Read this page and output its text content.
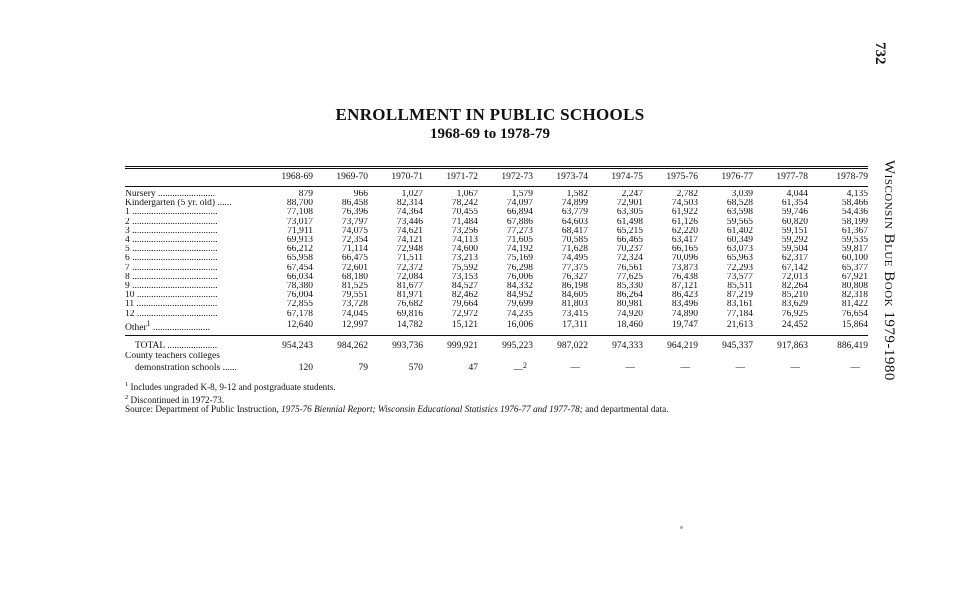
732
Wisconsin Blue Book 1979-1980
ENROLLMENT IN PUBLIC SCHOOLS
1968-69 to 1978-79
	1968-69	1969-70	1970-71	1971-72	1972-73	1973-74	1974-75	1975-76	1976-77	1977-78	1978-79

Nursery ........................	879	966	1,027	1,067	1,579	1,582	2,247	2,782	3,039	4,044	4,135
Kindergarten (5 yr. old) ......	88,700	86,458	82,314	78,242	74,097	74,899	72,901	74,503	68,528	61,354	58,466
1 ....................................	77,108	76,396	74,364	70,455	66,894	63,779	63,305	61,922	63,598	59,746	54,436
2 ....................................	73,017	73,797	73,446	71,484	67,886	64,603	61,498	61,126	59,565	60,820	58,199
3 ....................................	71,911	74,075	74,621	73,256	77,273	68,417	65,215	62,220	61,402	59,151	61,367
4 ....................................	69,913	72,354	74,121	74,113	71,605	70,585	66,465	63,417	60,349	59,292	59,535
5 ....................................	66,212	71,114	72,948	74,600	74,192	71,628	70,237	66,165	63,073	59,504	59,817
6 ....................................	65,958	66,475	71,511	73,213	75,169	74,495	72,324	70,096	65,963	62,317	60,100
7 ....................................	67,454	72,601	72,372	75,592	76,298	77,375	76,561	73,873	72,293	67,142	65,377
8 ....................................	66,034	68,180	72,084	73,153	76,006	76,327	77,625	76,438	73,577	72,013	67,921
9 ....................................	78,380	81,525	81,677	84,527	84,332	86,198	85,330	87,121	85,511	82,264	80,808
10 ..................................	76,004	79,551	81,971	82,462	84,952	84,605	86,264	86,423	87,219	85,210	82,318
11 ..................................	72,855	73,728	76,682	79,664	79,699	81,803	80,981	83,496	83,161	83,629	81,422
12 ..................................	67,178	74,045	69,816	72,972	74,235	73,415	74,920	74,890	77,184	76,925	76,654
Other$^1$ ........................	12,640	12,997	14,782	15,121	16,006	17,311	18,460	19,747	21,613	24,452	15,864

TOTAL .....................	954,243	984,262	993,736	999,921	995,223	987,022	974,333	964,219	945,337	917,863	886,419
County teachers colleges											
demonstration schools ......	120	79	570	47	—$^2$	—	—	—	—	—	—
$^1$ Includes ungraded K-8, 9-12 and postgraduate students.
$^2$ Discontinued in 1972-73.
Source: Department of Public Instruction, 1975-76 Biennial Report; Wisconsin Educational Statistics 1976-77 and 1977-78; and departmental data.
